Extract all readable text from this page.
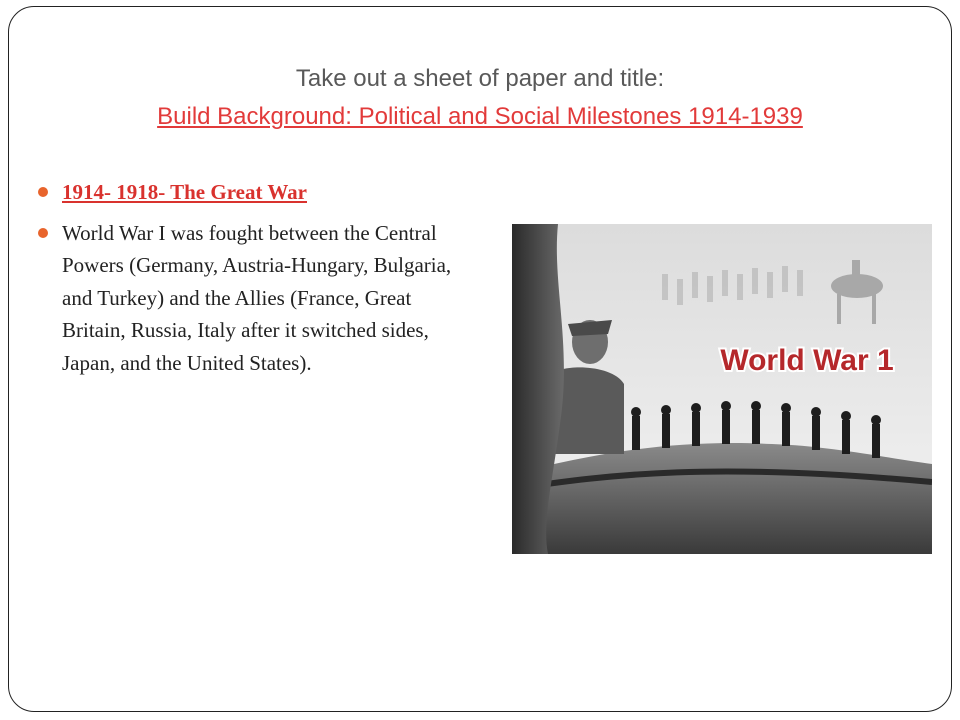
Take out a sheet of paper and title:
Build Background: Political and Social Milestones 1914-1939
1914- 1918- The Great War
World War I was fought between the Central Powers (Germany, Austria-Hungary, Bulgaria, and Turkey) and the Allies (France, Great Britain, Russia, Italy after it switched sides, Japan, and the United States).	World War 1
